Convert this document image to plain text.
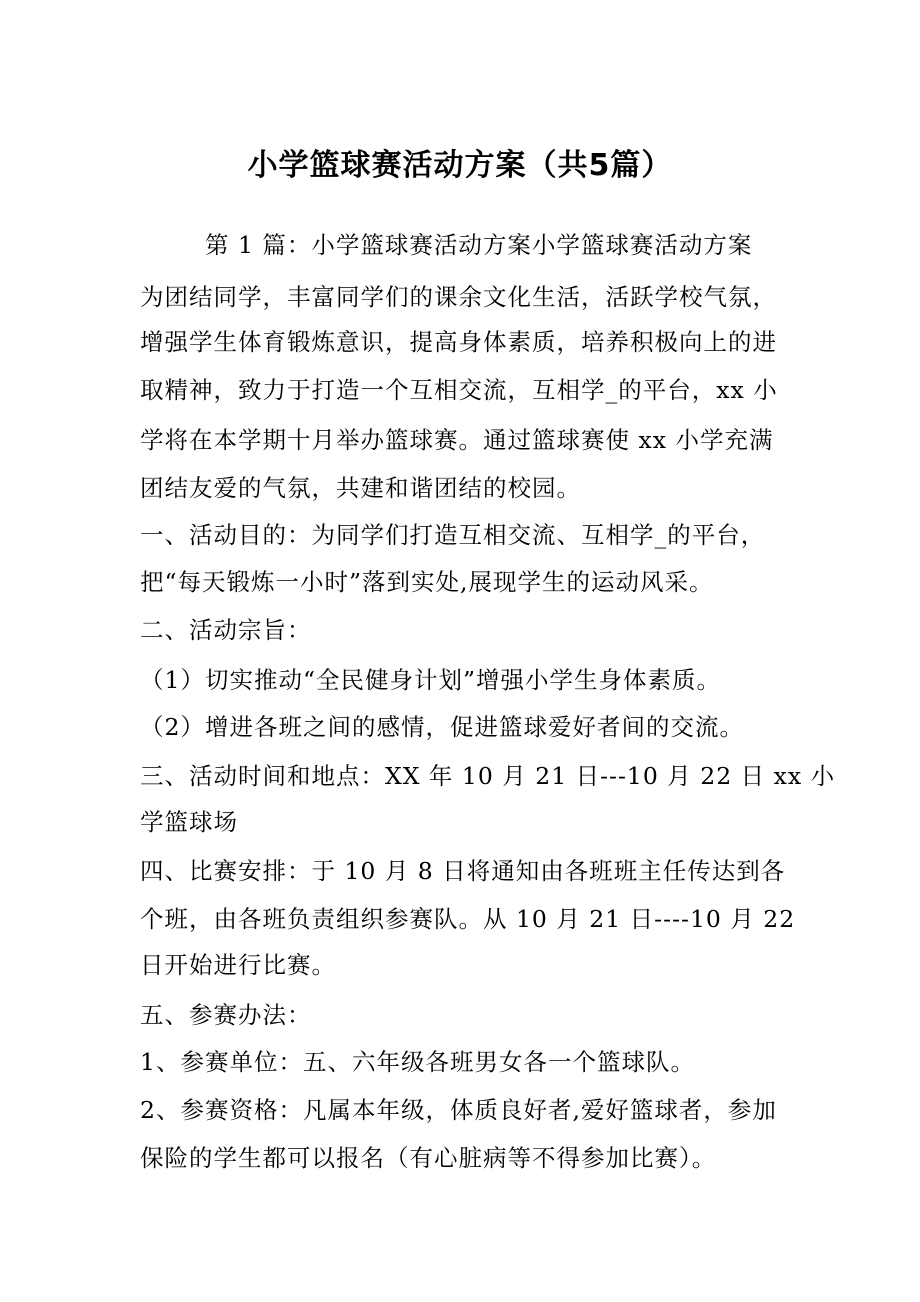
小学篮球赛活动方案（共5篇）
第 1 篇：小学篮球赛活动方案小学篮球赛活动方案
为团结同学，丰富同学们的课余文化生活，活跃学校气氛，
增强学生体育锻炼意识，提高身体素质，培养积极向上的进
取精神，致力于打造一个互相交流，互相学_的平台，xx 小
学将在本学期十月举办篮球赛。通过篮球赛使 xx 小学充满
团结友爱的气氛，共建和谐团结的校园。
一、活动目的：为同学们打造互相交流、互相学_的平台，
把“每天锻炼一小时”落到实处,展现学生的运动风采。
二、活动宗旨：
（1）切实推动“全民健身计划”增强小学生身体素质。
（2）增进各班之间的感情，促进篮球爱好者间的交流。
三、活动时间和地点：XX 年 10 月 21 日---10 月 22 日 xx 小
学篮球场
四、比赛安排：于 10 月 8 日将通知由各班班主任传达到各
个班，由各班负责组织参赛队。从 10 月 21 日----10 月 22
日开始进行比赛。
五、参赛办法：
1、参赛单位：五、六年级各班男女各一个篮球队。
2、参赛资格：凡属本年级，体质良好者,爱好篮球者，参加
保险的学生都可以报名（有心脏病等不得参加比赛）。
